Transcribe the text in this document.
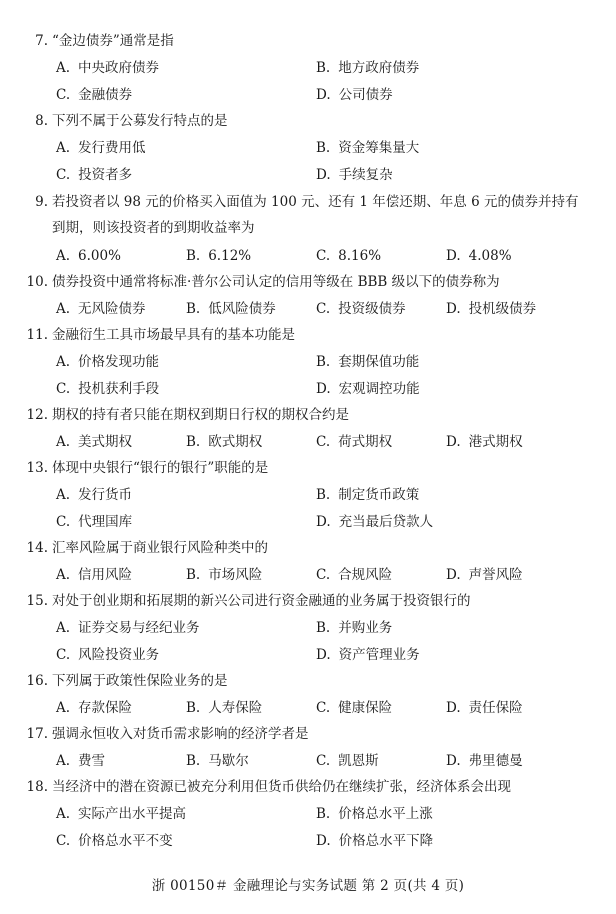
7. “金边债券”通常是指
A. 中央政府债券	B. 地方政府债券
C. 金融债券	D. 公司债券
8. 下列不属于公募发行特点的是
A. 发行费用低	B. 资金筹集量大
C. 投资者多	D. 手续复杂
9. 若投资者以 98 元的价格买入面值为 100 元、还有 1 年偿还期、年息 6 元的债券并持有到期，则该投资者的到期收益率为
A. 6.00%	B. 6.12%	C. 8.16%	D. 4.08%
10. 债券投资中通常将标准·普尔公司认定的信用等级在 BBB 级以下的债券称为
A. 无风险债券	B. 低风险债券	C. 投资级债券	D. 投机级债券
11. 金融衍生工具市场最早具有的基本功能是
A. 价格发现功能	B. 套期保值功能
C. 投机获利手段	D. 宏观调控功能
12. 期权的持有者只能在期权到期日行权的期权合约是
A. 美式期权	B. 欧式期权	C. 荷式期权	D. 港式期权
13. 体现中央银行“银行的银行”职能的是
A. 发行货币	B. 制定货币政策
C. 代理国库	D. 充当最后贷款人
14. 汇率风险属于商业银行风险种类中的
A. 信用风险	B. 市场风险	C. 合规风险	D. 声誉风险
15. 对处于创业期和拓展期的新兴公司进行资金融通的业务属于投资银行的
A. 证券交易与经纪业务	B. 并购业务
C. 风险投资业务	D. 资产管理业务
16. 下列属于政策性保险业务的是
A. 存款保险	B. 人寿保险	C. 健康保险	D. 责任保险
17. 强调永恒收入对货币需求影响的经济学者是
A. 费雪	B. 马歇尔	C. 凯恩斯	D. 弗里德曼
18. 当经济中的潜在资源已被充分利用但货币供给仍在继续扩张，经济体系会出现
A. 实际产出水平提高	B. 价格总水平上涨
C. 价格总水平不变	D. 价格总水平下降
浙 00150＃ 金融理论与实务试题 第 2 页(共 4 页)
